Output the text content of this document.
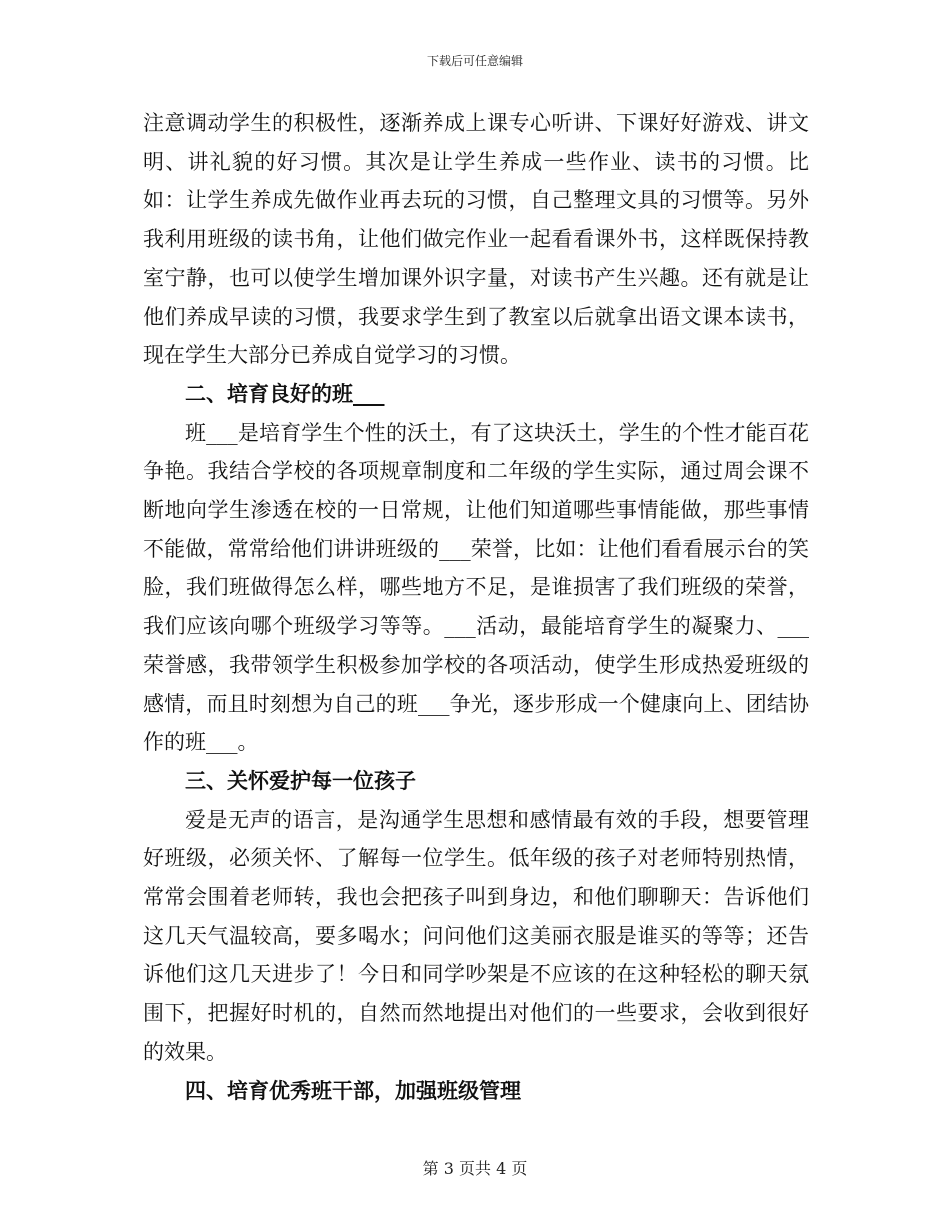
下载后可任意编辑

注意调动学生的积极性，逐渐养成上课专心听讲、下课好好游戏、讲文明、讲礼貌的好习惯。其次是让学生养成一些作业、读书的习惯。比如：让学生养成先做作业再去玩的习惯，自己整理文具的习惯等。另外我利用班级的读书角，让他们做完作业一起看看课外书，这样既保持教室宁静，也可以使学生增加课外识字量，对读书产生兴趣。还有就是让他们养成早读的习惯，我要求学生到了教室以后就拿出语文课本读书，现在学生大部分已养成自觉学习的习惯。

二、培育良好的班___

班___是培育学生个性的沃土，有了这块沃土，学生的个性才能百花争艳。我结合学校的各项规章制度和二年级的学生实际，通过周会课不断地向学生渗透在校的一日常规，让他们知道哪些事情能做，那些事情不能做，常常给他们讲讲班级的___荣誉，比如：让他们看看展示台的笑脸，我们班做得怎么样，哪些地方不足，是谁损害了我们班级的荣誉，我们应该向哪个班级学习等等。___活动，最能培育学生的凝聚力、___荣誉感，我带领学生积极参加学校的各项活动，使学生形成热爱班级的感情，而且时刻想为自己的班___争光，逐步形成一个健康向上、团结协作的班___。

三、关怀爱护每一位孩子

爱是无声的语言，是沟通学生思想和感情最有效的手段，想要管理好班级，必须关怀、了解每一位学生。低年级的孩子对老师特别热情，常常会围着老师转，我也会把孩子叫到身边，和他们聊聊天：告诉他们这几天气温较高，要多喝水；问问他们这美丽衣服是谁买的等等；还告诉他们这几天进步了！今日和同学吵架是不应该的在这种轻松的聊天氛围下，把握好时机的，自然而然地提出对他们的一些要求，会收到很好的效果。

四、培育优秀班干部，加强班级管理

第 3 页共 4 页
